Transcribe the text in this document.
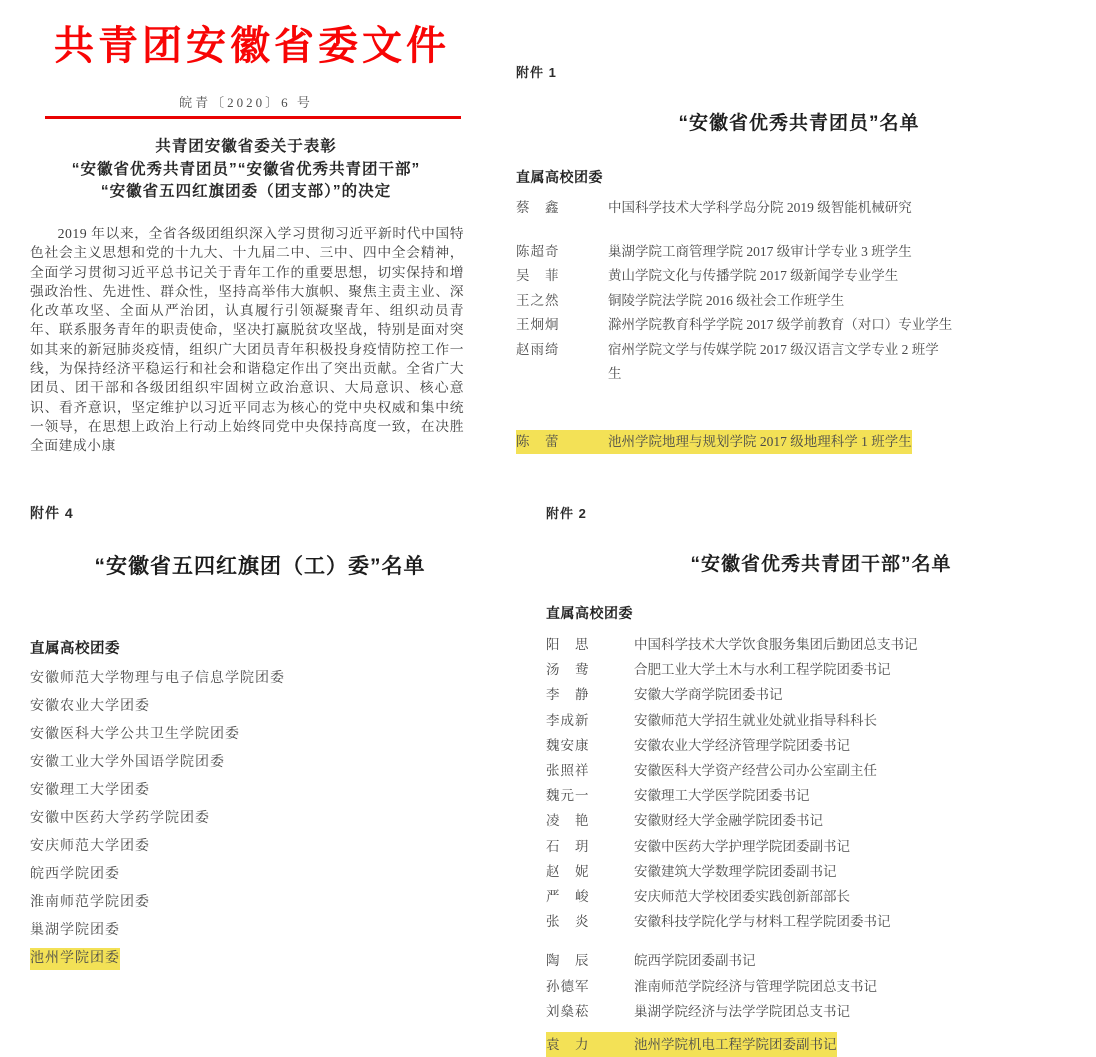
共青团安徽省委文件
皖青〔2020〕6 号
共青团安徽省委关于表彰
“安徽省优秀共青团员”“安徽省优秀共青团干部”
“安徽省五四红旗团委（团支部）”的决定
2019 年以来，全省各级团组织深入学习贯彻习近平新时代中国特色社会主义思想和党的十九大、十九届二中、三中、四中全会精神，全面学习贯彻习近平总书记关于青年工作的重要思想，切实保持和增强政治性、先进性、群众性，坚持高举伟大旗帜、聚焦主责主业、深化改革攻坚、全面从严治团，认真履行引领凝聚青年、组织动员青年、联系服务青年的职责使命，坚决打赢脱贫攻坚战，特别是面对突如其来的新冠肺炎疫情，组织广大团员青年积极投身疫情防控工作一线，为保持经济平稳运行和社会和谐稳定作出了突出贡献。全省广大团员、团干部和各级团组织牢固树立政治意识、大局意识、核心意识、看齐意识，坚定维护以习近平同志为核心的党中央权威和集中统一领导，在思想上政治上行动上始终同党中央保持高度一致，在决胜全面建成小康
附件 1
“安徽省优秀共青团员”名单
直属高校团委
蔡　鑫	中国科学技术大学科学岛分院 2019 级智能机械研究
陈超奇	巢湖学院工商管理学院 2017 级审计学专业 3 班学生
吴　菲	黄山学院文化与传播学院 2017 级新闻学专业学生
王之然	铜陵学院法学院 2016 级社会工作班学生
王炯炯	滁州学院教育科学学院 2017 级学前教育（对口）专业学生
赵雨绮	宿州学院文学与传媒学院 2017 级汉语言文学专业 2 班学生
陈　蕾	池州学院地理与规划学院 2017 级地理科学 1 班学生
附件 4
“安徽省五四红旗团（工）委”名单
直属高校团委
安徽师范大学物理与电子信息学院团委
安徽农业大学团委
安徽医科大学公共卫生学院团委
安徽工业大学外国语学院团委
安徽理工大学团委
安徽中医药大学药学院团委
安庆师范大学团委
皖西学院团委
淮南师范学院团委
巢湖学院团委
池州学院团委
附件 2
“安徽省优秀共青团干部”名单
直属高校团委
阳　思	中国科学技术大学饮食服务集团后勤团总支书记
汤　鸯	合肥工业大学土木与水利工程学院团委书记
李　静	安徽大学商学院团委书记
李成新	安徽师范大学招生就业处就业指导科科长
魏安康	安徽农业大学经济管理学院团委书记
张照祥	安徽医科大学资产经营公司办公室副主任
魏元一	安徽理工大学医学院团委书记
凌　艳	安徽财经大学金融学院团委书记
石　玥	安徽中医药大学护理学院团委副书记
赵　妮	安徽建筑大学数理学院团委副书记
严　峻	安庆师范大学校团委实践创新部部长
张　炎	安徽科技学院化学与材料工程学院团委书记
陶　辰	皖西学院团委副书记
孙德军	淮南师范学院经济与管理学院团总支书记
刘燊菘	巢湖学院经济与法学学院团总支书记
袁　力	池州学院机电工程学院团委副书记
